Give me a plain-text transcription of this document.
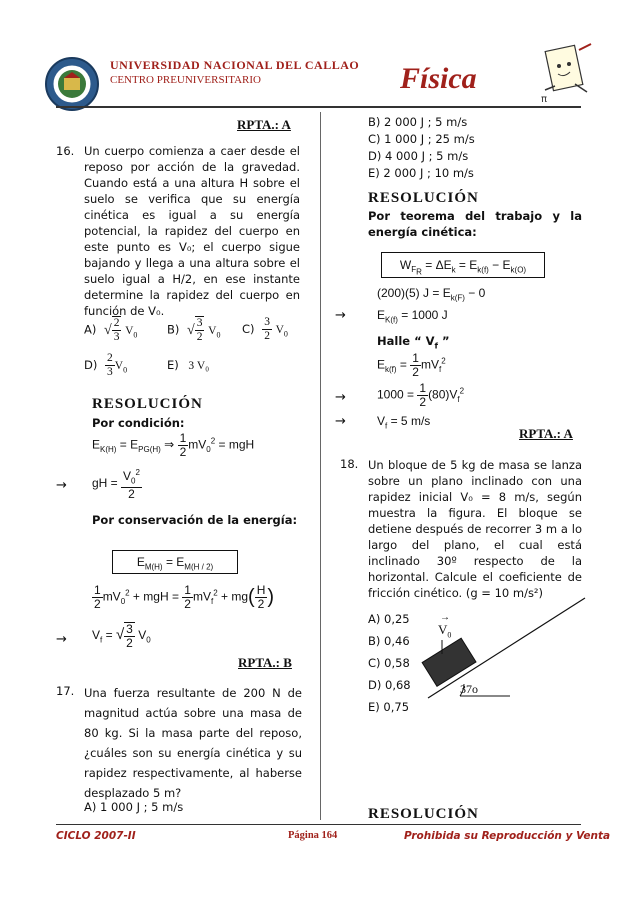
UNIVERSIDAD NACIONAL DEL CALLAO
CENTRO PREUNIVERSITARIO	Física
π
RPTA.: A
16. Un cuerpo comienza a caer desde el reposo por acción de la gravedad. Cuando está a una altura H sobre el suelo se verifica que su energía cinética es igual a su energía potencial, la rapidez del cuerpo en este punto es V₀; el cuerpo sigue bajando y llega a una altura sobre el suelo igual a H/2, en ese instante determine la rapidez del cuerpo en función de V₀.
A) √ $\frac{2}{3} V_0$	B) √ $\frac{3}{2} V_0$ $C) \frac{3}{2} V_0$
$D) \frac{2}{3} V_0$	E) 3 V₀
RESOLUCIÓN
Por condición:
$E_{K(H)} = E_{PG(H)}$ ⇒ $\frac{1}{2} mV_0^2$ = mgH
→ gH = $\frac{V_0^2}{2}$
Por conservación de la energía:
$E_{M(H)} = E_{M(H / 2)}$
$\frac{1}{2} mV_0^2$ + mgH = $\frac{1}{2} mV_f^2 + mg( \frac{H}{2}$ )
→ $V_f$ = √ $\frac{3}{2} V_0$
RPTA.: B
17. Una fuerza resultante de 200 N de magnitud actúa sobre una masa de 80 kg. Si la masa parte del reposo, ¿cuáles son su energía cinética y su rapidez respectivamente, al haberse desplazado 5 m?
A) 1 000 J ; 5 m/s
B) 2 000 J ; 5 m/s
C) 1 000 J ; 25 m/s
D) 4 000 J ; 5 m/s
E) 2 000 J ; 10 m/s
RESOLUCIÓN
Por teorema del trabajo y la energía cinética:
$W_{F_R} = \Delta E_k = E_{k(f)} - E_{k(O)}$
(200)(5) $J = E_{k(F)} - 0$
→	$E_{K(f)} = 1000$ J
Halle “ $V_f$ ”
$E_{k(f)} = \frac{1}{2} mV_f^2$
→	$1000 = \frac{1}{2} (80)V_f^2$
→	$V_f = 5$ m/s
RPTA.: A
18. Un bloque de 5 kg de masa se lanza sobre un plano inclinado con una rapidez inicial V₀ = 8 m/s, según muestra la figura. El bloque se detiene después de recorrer 3 m a lo largo del plano, el cual está inclinado 30º respecto de la horizontal. Calcule el coeficiente de fricción cinético. (g = 10 m/s²)
A) 0,25
B) 0,46
C) 0,58
D) 0,68
E) 0,75
→
$V_0$
37o
RESOLUCIÓN
CICLO 2007-II	Página 164	Prohibida su Reproducción y Venta
